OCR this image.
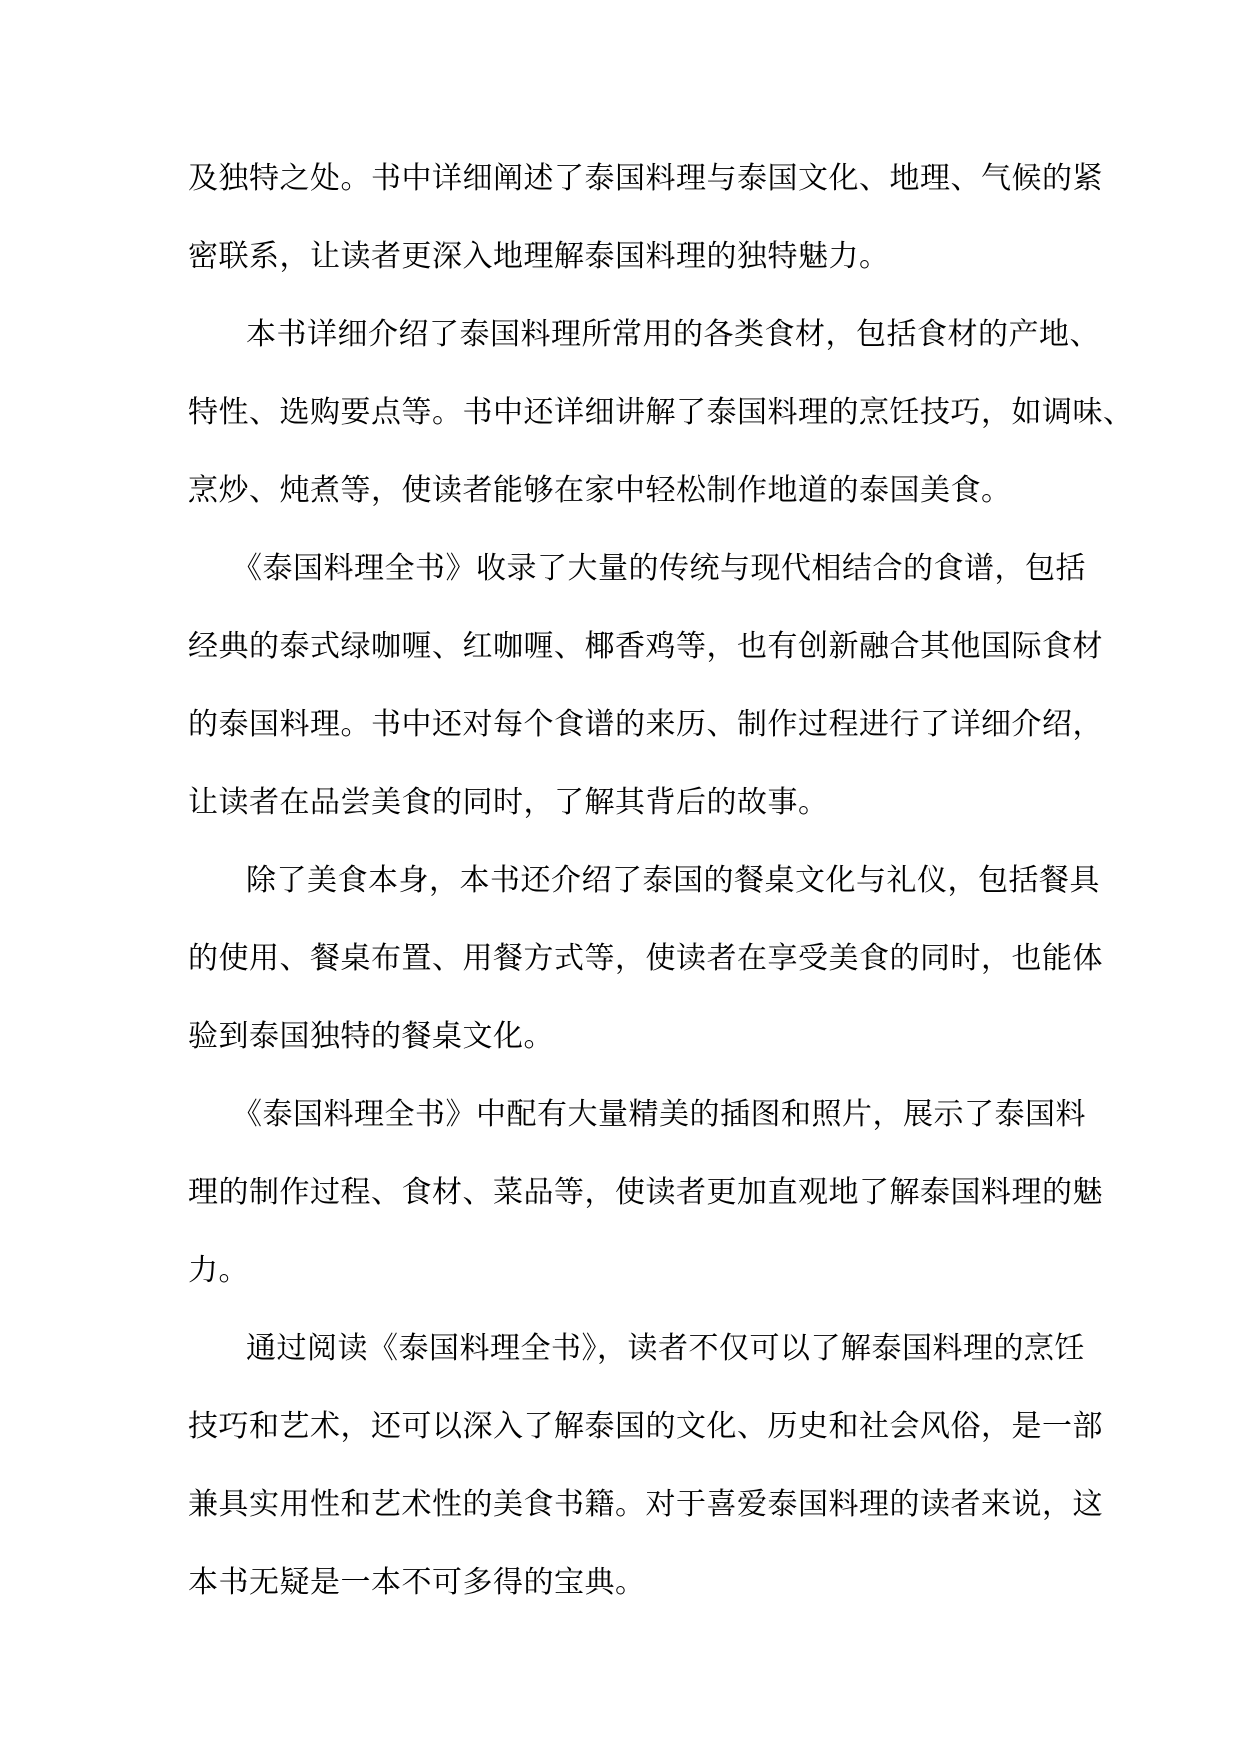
及独特之处。书中详细阐述了泰国料理与泰国文化、地理、气候的紧
密联系，让读者更深入地理解泰国料理的独特魅力。
本书详细介绍了泰国料理所常用的各类食材，包括食材的产地、
特性、选购要点等。书中还详细讲解了泰国料理的烹饪技巧，如调味、
烹炒、炖煮等，使读者能够在家中轻松制作地道的泰国美食。
《泰国料理全书》收录了大量的传统与现代相结合的食谱，包括
经典的泰式绿咖喱、红咖喱、椰香鸡等，也有创新融合其他国际食材
的泰国料理。书中还对每个食谱的来历、制作过程进行了详细介绍，
让读者在品尝美食的同时，了解其背后的故事。
除了美食本身，本书还介绍了泰国的餐桌文化与礼仪，包括餐具
的使用、餐桌布置、用餐方式等，使读者在享受美食的同时，也能体
验到泰国独特的餐桌文化。
《泰国料理全书》中配有大量精美的插图和照片，展示了泰国料
理的制作过程、食材、菜品等，使读者更加直观地了解泰国料理的魅
力。
通过阅读《泰国料理全书》，读者不仅可以了解泰国料理的烹饪
技巧和艺术，还可以深入了解泰国的文化、历史和社会风俗，是一部
兼具实用性和艺术性的美食书籍。对于喜爱泰国料理的读者来说，这
本书无疑是一本不可多得的宝典。
